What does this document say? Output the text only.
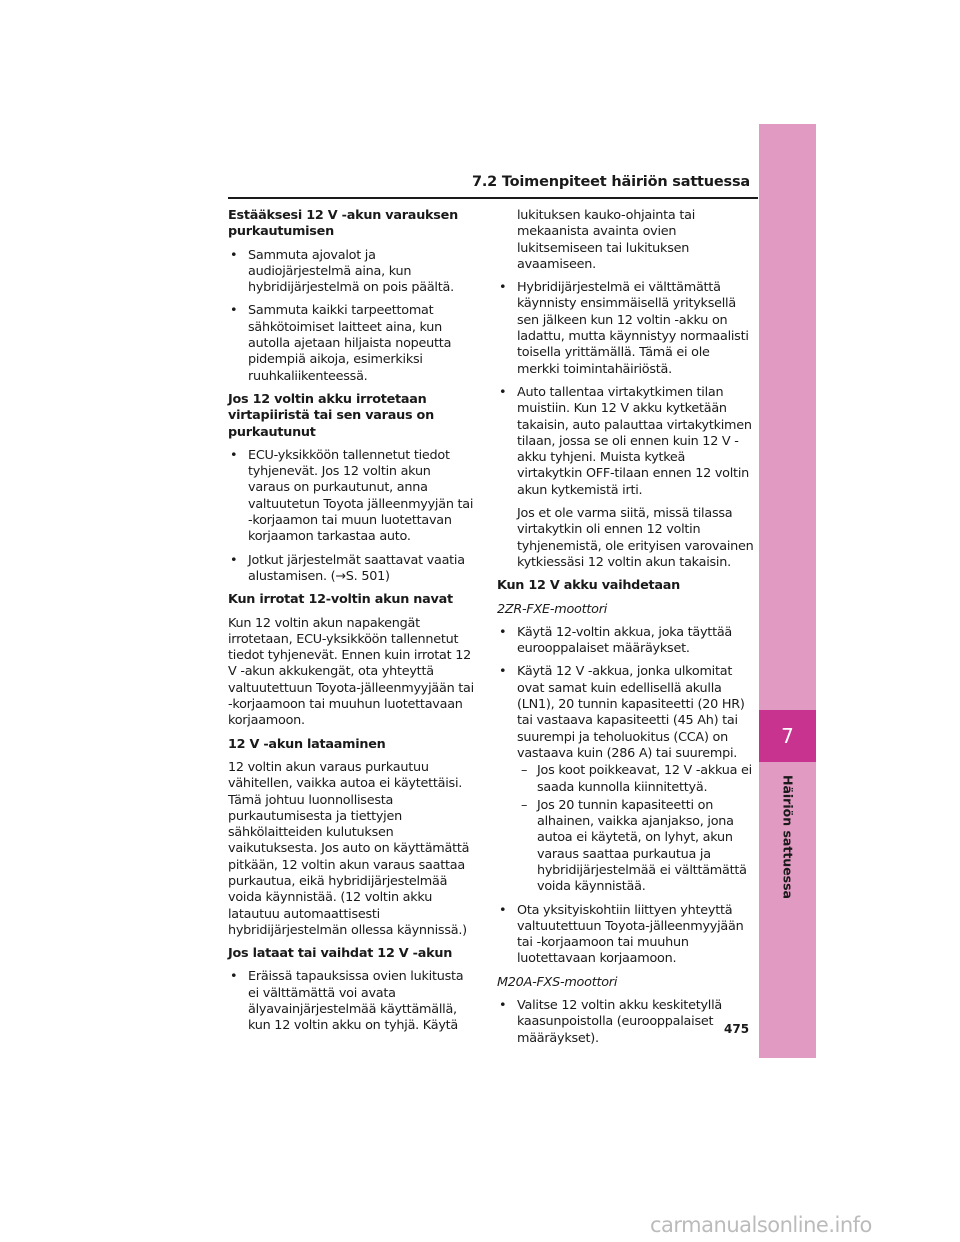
7.2 Toimenpiteet häiriön sattuessa
7
Häiriön sattuessa
Estääksesi 12 V -akun varauksen purkautumisen
• Sammuta ajovalot ja audiojärjestelmä aina, kun hybridijärjestelmä on pois päältä.
• Sammuta kaikki tarpeettomat sähkötoimiset laitteet aina, kun autolla ajetaan hiljaista nopeutta pidempiä aikoja, esimerkiksi ruuhkaliikenteessä.
Jos 12 voltin akku irrotetaan virtapiiristä tai sen varaus on purkautunut
• ECU-yksikköön tallennetut tiedot tyhjenevät. Jos 12 voltin akun varaus on purkautunut, anna valtuutetun Toyota jälleenmyyjän tai -korjaamon tai muun luotettavan korjaamon tarkastaa auto.
• Jotkut järjestelmät saattavat vaatia alustamisen. (→S. 501)
Kun irrotat 12-voltin akun navat

Kun 12 voltin akun napakengät irrotetaan, ECU-yksikköön tallennetut tiedot tyhjenevät. Ennen kuin irrotat 12 V -akun akkukengät, ota yhteyttä valtuutettuun Toyota-jälleenmyyjään tai -korjaamoon tai muuhun luotettavaan korjaamoon.

12 V -akun lataaminen

12 voltin akun varaus purkautuu vähitellen, vaikka autoa ei käytettäisi. Tämä johtuu luonnollisesta purkautumisesta ja tiettyjen sähkölaitteiden kulutuksen vaikutuksesta. Jos auto on käyttämättä pitkään, 12 voltin akun varaus saattaa purkautua, eikä hybridijärjestelmää voida käynnistää. (12 voltin akku latautuu automaattisesti hybridijärjestelmän ollessa käynnissä.)

Jos lataat tai vaihdat 12 V -akun
• Eräissä tapauksissa ovien lukitusta ei välttämättä voi avata älyavainjärjestelmää käyttämällä, kun 12 voltin akku on tyhjä. Käytä
lukituksen kauko-ohjainta tai mekaanista avainta ovien lukitsemiseen tai lukituksen avaamiseen.
• Hybridijärjestelmä ei välttämättä käynnisty ensimmäisellä yrityksellä sen jälkeen kun 12 voltin -akku on ladattu, mutta käynnistyy normaalisti toisella yrittämällä. Tämä ei ole merkki toimintahäiriöstä.
• Auto tallentaa virtakytkimen tilan muistiin. Kun 12 V akku kytketään takaisin, auto palauttaa virtakytkimen tilaan, jossa se oli ennen kuin 12 V -akku tyhjeni. Muista kytkeä virtakytkin OFF-tilaan ennen 12 voltin akun kytkemistä irti.
Jos et ole varma siitä, missä tilassa virtakytkin oli ennen 12 voltin tyhjenemistä, ole erityisen varovainen kytkiessäsi 12 voltin akun takaisin.
Kun 12 V akku vaihdetaan

2ZR-FXE-moottori

• Käytä 12-voltin akkua, joka täyttää eurooppalaiset määräykset.
• Käytä 12 V -akkua, jonka ulkomitat ovat samat kuin edellisellä akulla (LN1), 20 tunnin kapasiteetti (20 HR) tai vastaava kapasiteetti (45 Ah) tai suurempi ja teholuokitus (CCA) on vastaava kuin (286 A) tai suurempi.
– Jos koot poikkeavat, 12 V -akkua ei saada kunnolla kiinnitettyä.
– Jos 20 tunnin kapasiteetti on alhainen, vaikka ajanjakso, jona autoa ei käytetä, on lyhyt, akun varaus saattaa purkautua ja hybridijärjestelmää ei välttämättä voida käynnistää.
• Ota yksityiskohtiin liittyen yhteyttä valtuutettuun Toyota-jälleenmyyjään tai -korjaamoon tai muuhun luotettavaan korjaamoon.

M20A-FXS-moottori

• Valitse 12 voltin akku keskitetyllä kaasunpoistolla (eurooppalaiset määräykset).
475
carmanualsonline.info
